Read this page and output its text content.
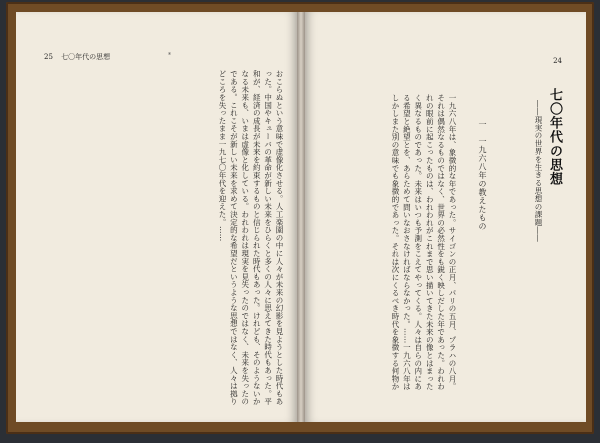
25 七〇年代の思想	*

おこらぬという意味で虚像化させる。人工楽園の中に人々が未来の幻影を見ようとした時代もあった。中国やキューバの革命が新しい未来をひらくと多くの人々に思えてきた時代もあった。平和が、経済の成長が未来を約束するものと信じられた時代もあった。けれども、そのようないかなる未来も、いまは虚像と化している。われわれは現実を見失ったのではなく、未来を失ったのである。これこそが新しい未来を求めて決定的な希望だというような思想ではなく、人々は拠りどころを失ったまま一九七〇年代を迎えた。……

24
七〇年代の思想
――現実の世界を生きる思想の課題――
一　一九六八年の教えたもの

一九六八年は、象徴的な年であった。サイゴンの正月、パリの五月、プラハの八月。それは偶然なるものではなく、世界の必然性をも鋭く映しだした年であった。われわれの眼前に起こったものは、われわれがこれまで思い描いてきた未来の像とはまったく異なるものであった。未来はいつも予測をこえてやってくる。人々は自らの内にある希望と絶望とを、あらためて問いなおさなければならなかった。……一九六八年はしかしまた別の意味でも象徴的であった。それは次にくるべき時代を象徴する何物か
